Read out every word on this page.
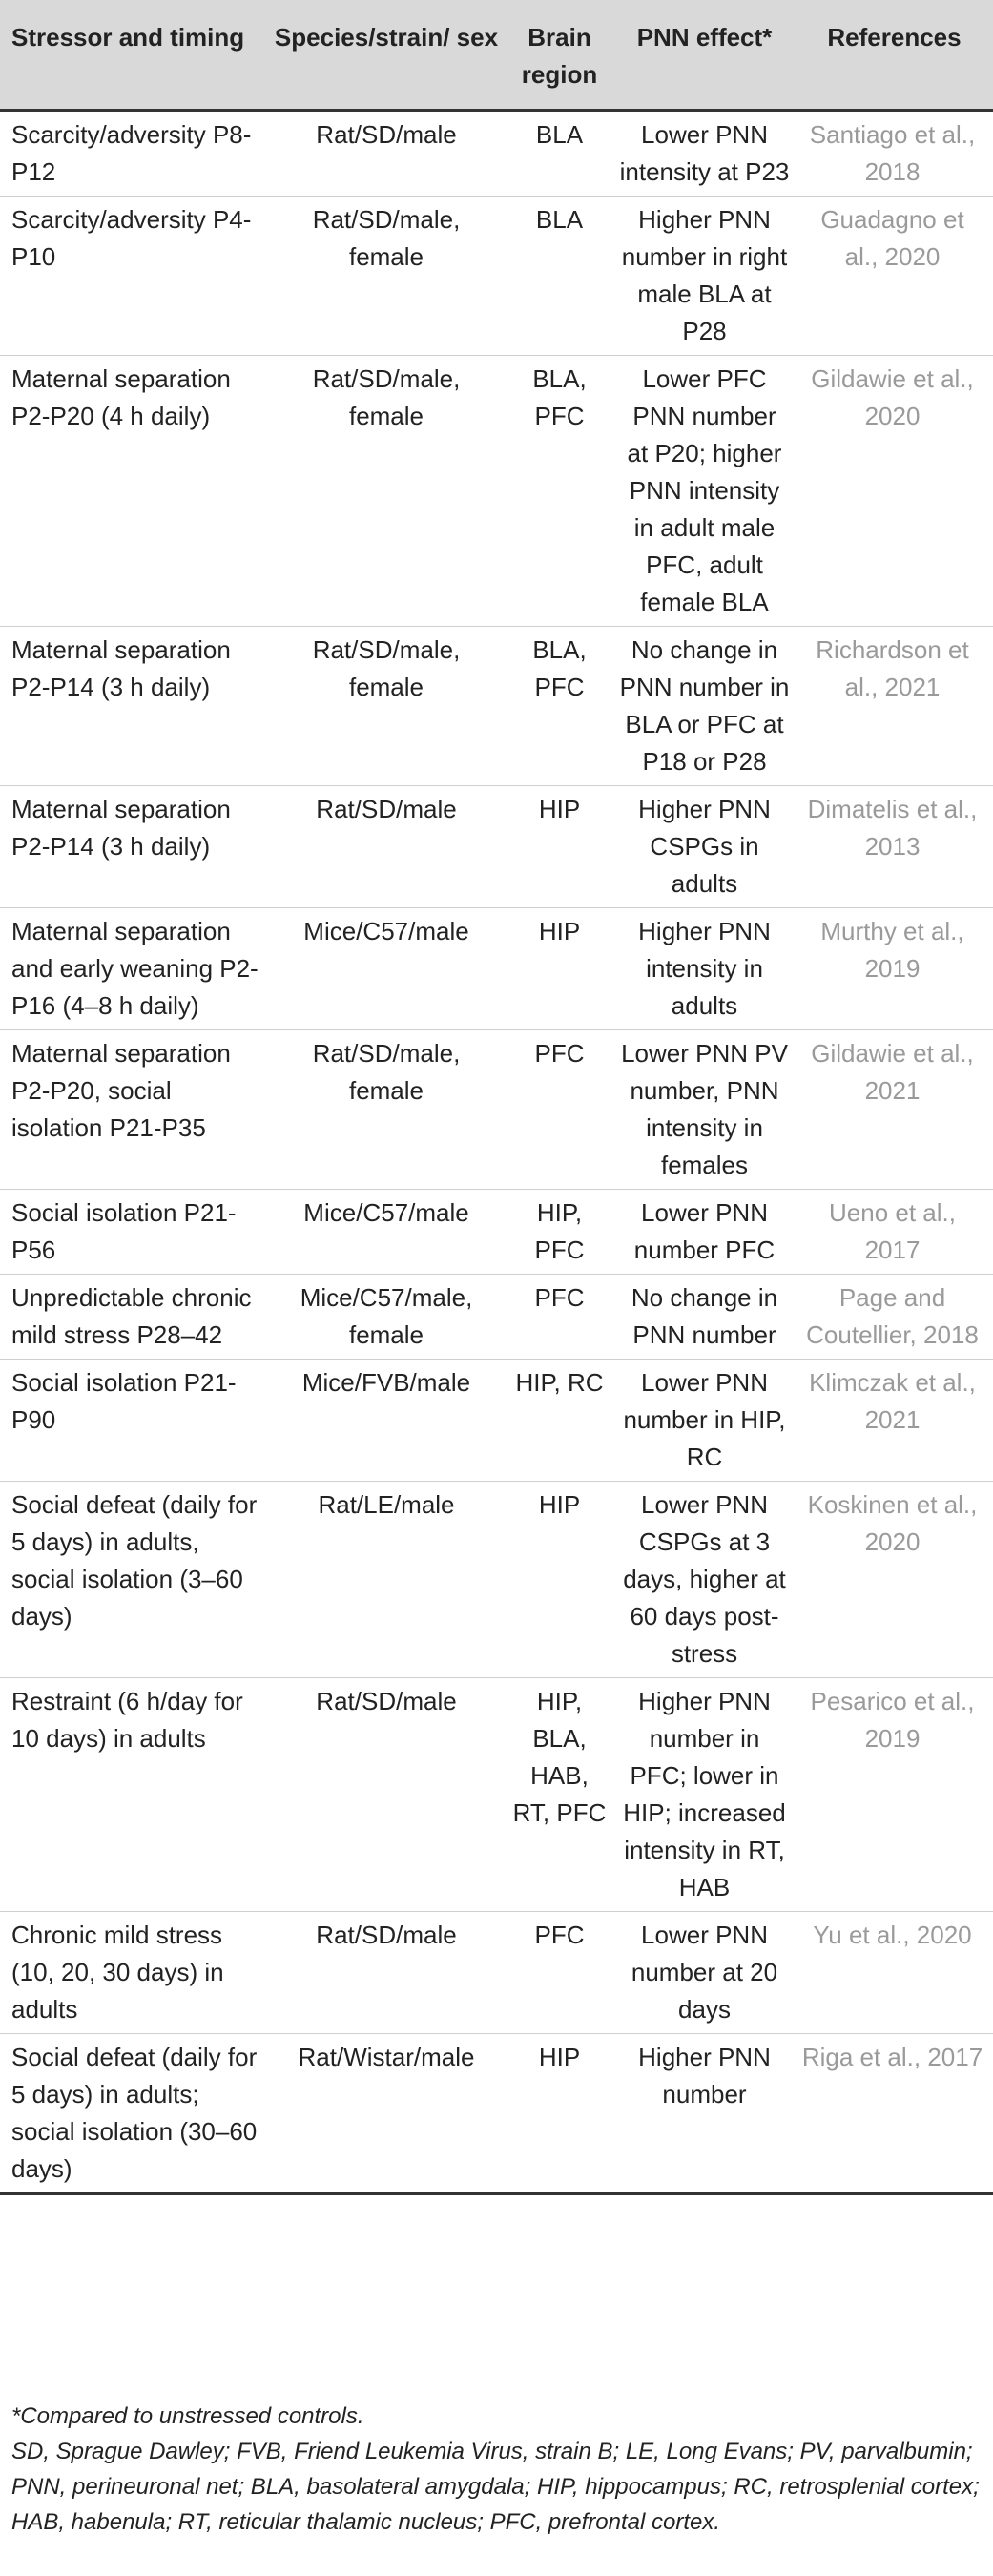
Stressor and timing	Species/strain/ sex	Brain region	PNN effect*	References
Scarcity/adversity P8-P12	Rat/SD/male	BLA	Lower PNN intensity at P23	Santiago et al., 2018
Scarcity/adversity P4-P10	Rat/SD/male, female	BLA	Higher PNN number in right male BLA at P28	Guadagno et al., 2020
Maternal separation P2-P20 (4 h daily)	Rat/SD/male, female	BLA, PFC	Lower PFC PNN number at P20; higher PNN intensity in adult male PFC, adult female BLA	Gildawie et al., 2020
Maternal separation P2-P14 (3 h daily)	Rat/SD/male, female	BLA, PFC	No change in PNN number in BLA or PFC at P18 or P28	Richardson et al., 2021
Maternal separation P2-P14 (3 h daily)	Rat/SD/male	HIP	Higher PNN CSPGs in adults	Dimatelis et al., 2013
Maternal separation and early weaning P2-P16 (4–8 h daily)	Mice/C57/male	HIP	Higher PNN intensity in adults	Murthy et al., 2019
Maternal separation P2-P20, social isolation P21-P35	Rat/SD/male, female	PFC	Lower PNN PV number, PNN intensity in females	Gildawie et al., 2021
Social isolation P21-P56	Mice/C57/male	HIP, PFC	Lower PNN number PFC	Ueno et al., 2017
Unpredictable chronic mild stress P28–42	Mice/C57/male, female	PFC	No change in PNN number	Page and Coutellier, 2018
Social isolation P21-P90	Mice/FVB/male	HIP, RC	Lower PNN number in HIP, RC	Klimczak et al., 2021
Social defeat (daily for 5 days) in adults, social isolation (3–60 days)	Rat/LE/male	HIP	Lower PNN CSPGs at 3 days, higher at 60 days post-stress	Koskinen et al., 2020
Restraint (6 h/day for 10 days) in adults	Rat/SD/male	HIP, BLA, HAB, RT, PFC	Higher PNN number in PFC; lower in HIP; increased intensity in RT, HAB	Pesarico et al., 2019
Chronic mild stress (10, 20, 30 days) in adults	Rat/SD/male	PFC	Lower PNN number at 20 days	Yu et al., 2020
Social defeat (daily for 5 days) in adults; social isolation (30–60 days)	Rat/Wistar/male	HIP	Higher PNN number	Riga et al., 2017

*Compared to unstressed controls.

SD, Sprague Dawley; FVB, Friend Leukemia Virus, strain B; LE, Long Evans; PV, parvalbumin; PNN, perineuronal net; BLA, basolateral amygdala; HIP, hippocampus; RC, retrosplenial cortex; HAB, habenula; RT, reticular thalamic nucleus; PFC, prefrontal cortex.
